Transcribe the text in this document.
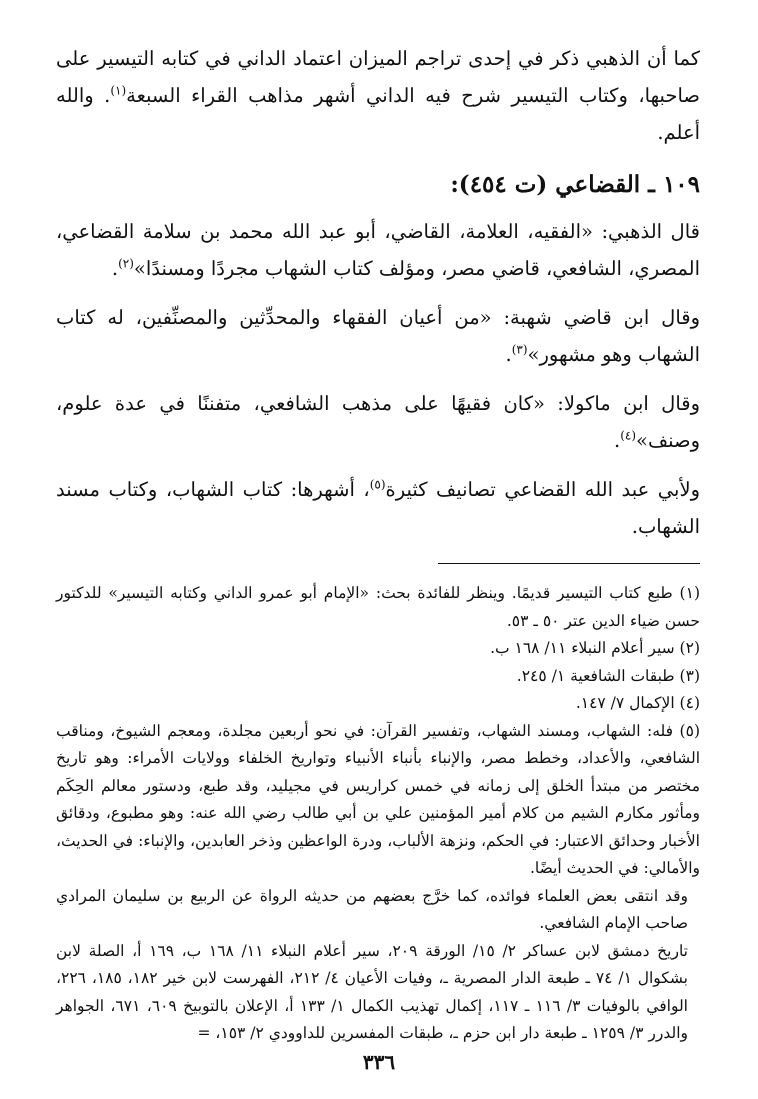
كما أن الذهبي ذكر في إحدى تراجم الميزان اعتماد الداني في كتابه التيسير على صاحبها، وكتاب التيسير شرح فيه الداني أشهر مذاهب القراء السبعة$^{(١)}$. والله أعلم.

١٠٩ ـ القضاعي (ت ٤٥٤):

قال الذهبي: «الفقيه، العلامة، القاضي، أبو عبد الله محمد بن سلامة القضاعي، المصري، الشافعي، قاضي مصر، ومؤلف كتاب الشهاب مجردًا ومسندًا»$^{(٢)}$.

وقال ابن قاضي شهبة: «من أعيان الفقهاء والمحدِّثين والمصنِّفين، له كتاب الشهاب وهو مشهور»$^{(٣)}$.

وقال ابن ماكولا: «كان فقيهًا على مذهب الشافعي، متفننًا في عدة علوم، وصنف»$^{(٤)}$.

ولأبي عبد الله القضاعي تصانيف كثيرة$^{(٥)}$، أشهرها: كتاب الشهاب، وكتاب مسند الشهاب.

(١) طبع كتاب التيسير قديمًا. وينظر للفائدة بحث: «الإمام أبو عمرو الداني وكتابه التيسير» للدكتور حسن ضياء الدين عتر ٥٠ ـ ٥٣.

(٢) سير أعلام النبلاء ١١/ ١٦٨ ب.

(٣) طبقات الشافعية ١/ ٢٤٥.

(٤) الإكمال ٧/ ١٤٧.

(٥) فله: الشهاب، ومسند الشهاب، وتفسير القرآن: في نحو أربعين مجلدة، ومعجم الشيوخ، ومناقب الشافعي، والأعداد، وخطط مصر، والإنباء بأنباء الأنبياء وتواريخ الخلفاء وولايات الأمراء: وهو تاريخ مختصر من مبتدأ الخلق إلى زمانه في خمس كراريس في مجيليد، وقد طبع، ودستور معالم الحِكَم ومأثور مكارم الشيم من كلام أمير المؤمنين علي بن أبي طالب رضي الله عنه: وهو مطبوع، ودقائق الأخبار وحدائق الاعتبار: في الحكم، ونزهة الألباب، ودرة الواعظين وذخر العابدين، والإنباء: في الحديث، والأمالي: في الحديث أيضًا.

وقد انتقى بعض العلماء فوائده، كما خرَّج بعضهم من حديثه الرواة عن الربيع بن سليمان المرادي صاحب الإمام الشافعي.

تاريخ دمشق لابن عساكر ٢/ ١٥/ الورقة ٢٠٩، سير أعلام النبلاء ١١/ ١٦٨ ب، ١٦٩ أ، الصلة لابن بشكوال ١/ ٧٤ ـ طبعة الدار المصرية ـ، وفيات الأعيان ٤/ ٢١٢، الفهرست لابن خير ١٨٢، ١٨٥، ٢٢٦، الوافي بالوفيات ٣/ ١١٦ ـ ١١٧، إكمال تهذيب الكمال ١/ ١٣٣ أ، الإعلان بالتوبيخ ٦٠٩، ٦٧١، الجواهر والدرر ٣/ ١٢٥٩ ـ طبعة دار ابن حزم ـ، طبقات المفسرين للداوودي ٢/ ١٥٣، =

٣٣٦
